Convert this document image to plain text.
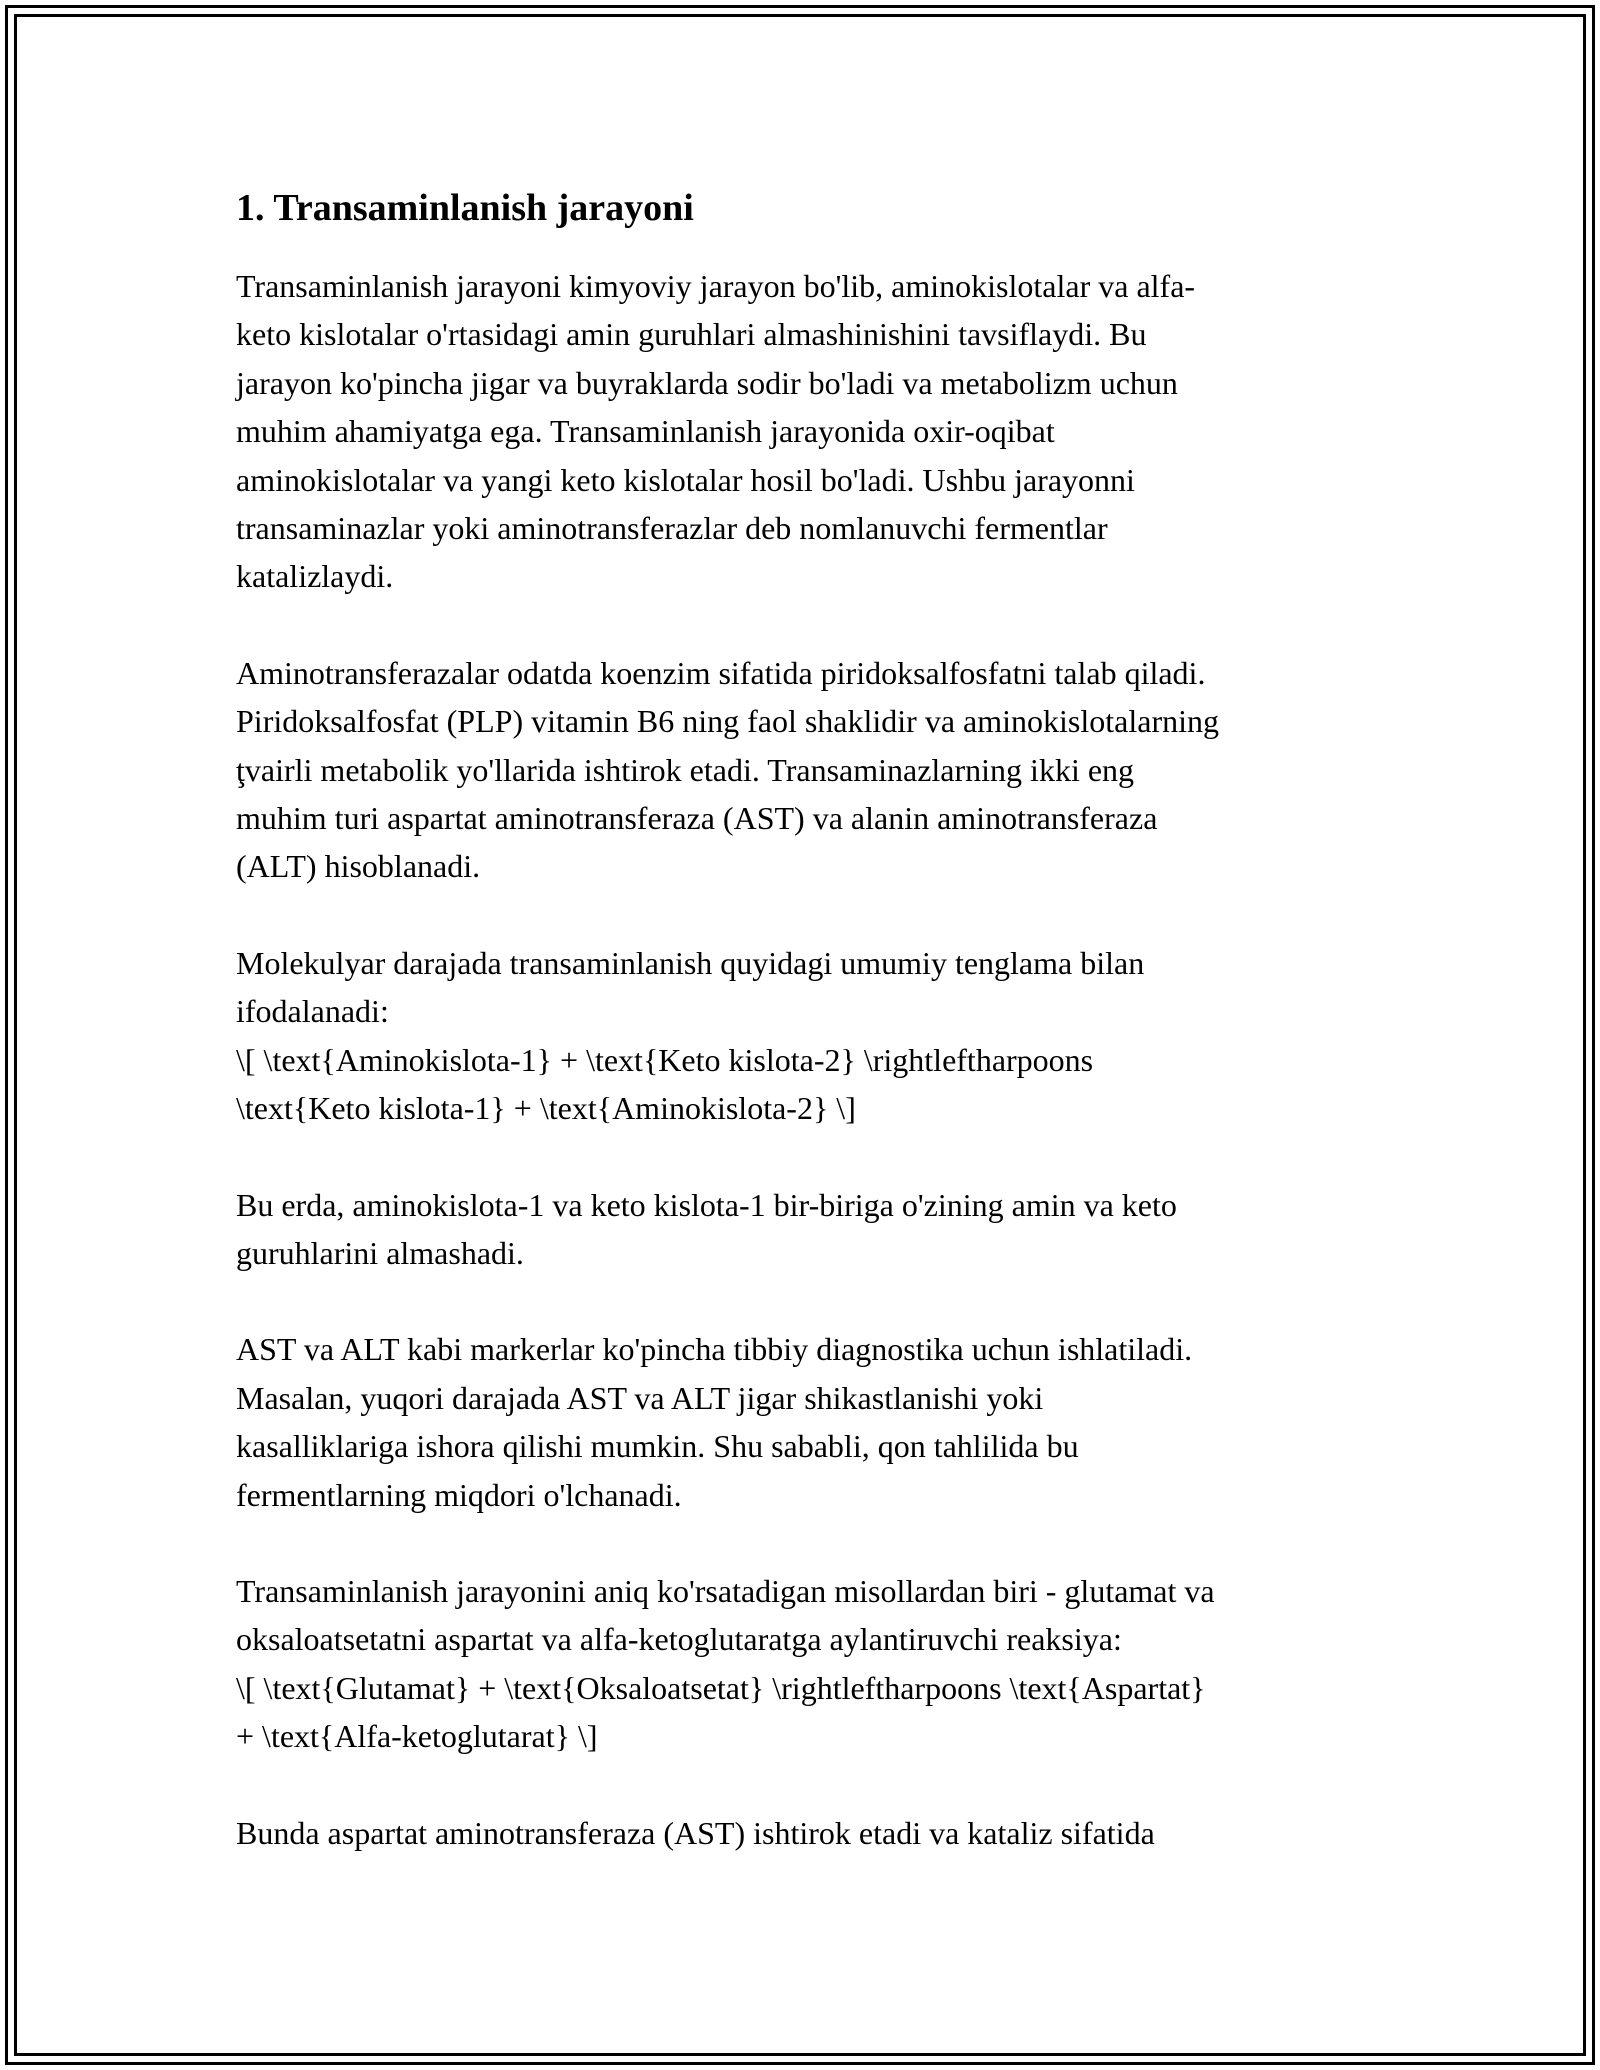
1. Transaminlanish jarayoni

Transaminlanish jarayoni kimyoviy jarayon bo'lib, aminokislotalar va alfa-
keto kislotalar o'rtasidagi amin guruhlari almashinishini tavsiflaydi. Bu
jarayon ko'pincha jigar va buyraklarda sodir bo'ladi va metabolizm uchun
muhim ahamiyatga ega. Transaminlanish jarayonida oxir-oqibat
aminokislotalar va yangi keto kislotalar hosil bo'ladi. Ushbu jarayonni
transaminazlar yoki aminotransferazlar deb nomlanuvchi fermentlar
katalizlaydi.

Aminotransferazalar odatda koenzim sifatida piridoksalfosfatni talab qiladi.
Piridoksalfosfat (PLP) vitamin B6 ning faol shaklidir va aminokislotalarning
ţvairli metabolik yo'llarida ishtirok etadi. Transaminazlarning ikki eng
muhim turi aspartat aminotransferaza (AST) va alanin aminotransferaza
(ALT) hisoblanadi.

Molekulyar darajada transaminlanish quyidagi umumiy tenglama bilan
ifodalanadi:
\[ \text{Aminokislota-1} + \text{Keto kislota-2} \rightleftharpoons
\text{Keto kislota-1} + \text{Aminokislota-2} \]

Bu erda, aminokislota-1 va keto kislota-1 bir-biriga o'zining amin va keto
guruhlarini almashadi.

AST va ALT kabi markerlar ko'pincha tibbiy diagnostika uchun ishlatiladi.
Masalan, yuqori darajada AST va ALT jigar shikastlanishi yoki
kasalliklariga ishora qilishi mumkin. Shu sababli, qon tahlilida bu
fermentlarning miqdori o'lchanadi.

Transaminlanish jarayonini aniq ko'rsatadigan misollardan biri - glutamat va
oksaloatsetatni aspartat va alfa-ketoglutaratga aylantiruvchi reaksiya:
\[ \text{Glutamat} + \text{Oksaloatsetat} \rightleftharpoons \text{Aspartat}
+ \text{Alfa-ketoglutarat} \]

Bunda aspartat aminotransferaza (AST) ishtirok etadi va kataliz sifatida
